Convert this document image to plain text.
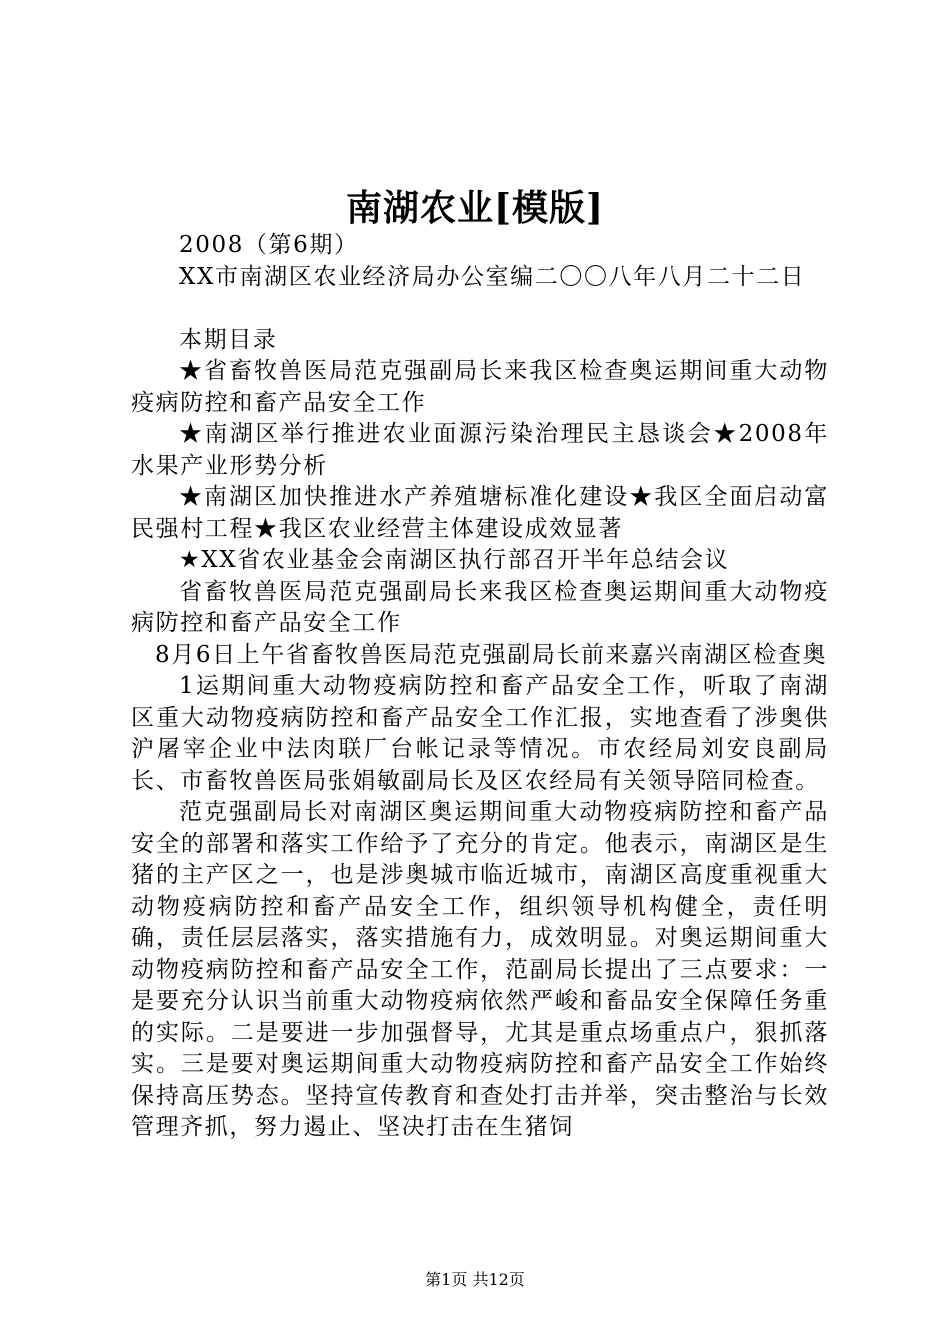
南湖农业[模版]

2008（第6期）

XX市南湖区农业经济局办公室编二〇〇八年八月二十二日

本期目录

★省畜牧兽医局范克强副局长来我区检查奥运期间重大动物疫病防控和畜产品安全工作

★南湖区举行推进农业面源污染治理民主恳谈会★2008年水果产业形势分析

★南湖区加快推进水产养殖塘标准化建设★我区全面启动富民强村工程★我区农业经营主体建设成效显著

★XX省农业基金会南湖区执行部召开半年总结会议

省畜牧兽医局范克强副局长来我区检查奥运期间重大动物疫病防控和畜产品安全工作

8月6日上午省畜牧兽医局范克强副局长前来嘉兴南湖区检查奥

1运期间重大动物疫病防控和畜产品安全工作，听取了南湖区重大动物疫病防控和畜产品安全工作汇报，实地查看了涉奥供沪屠宰企业中法肉联厂台帐记录等情况。市农经局刘安良副局长、市畜牧兽医局张娟敏副局长及区农经局有关领导陪同检查。

范克强副局长对南湖区奥运期间重大动物疫病防控和畜产品安全的部署和落实工作给予了充分的肯定。他表示，南湖区是生猪的主产区之一，也是涉奥城市临近城市，南湖区高度重视重大动物疫病防控和畜产品安全工作，组织领导机构健全，责任明确，责任层层落实，落实措施有力，成效明显。对奥运期间重大动物疫病防控和畜产品安全工作，范副局长提出了三点要求：一是要充分认识当前重大动物疫病依然严峻和畜品安全保障任务重的实际。二是要进一步加强督导，尤其是重点场重点户，狠抓落实。三是要对奥运期间重大动物疫病防控和畜产品安全工作始终保持高压势态。坚持宣传教育和查处打击并举，突击整治与长效管理齐抓，努力遏止、坚决打击在生猪饲

第1页 共12页
